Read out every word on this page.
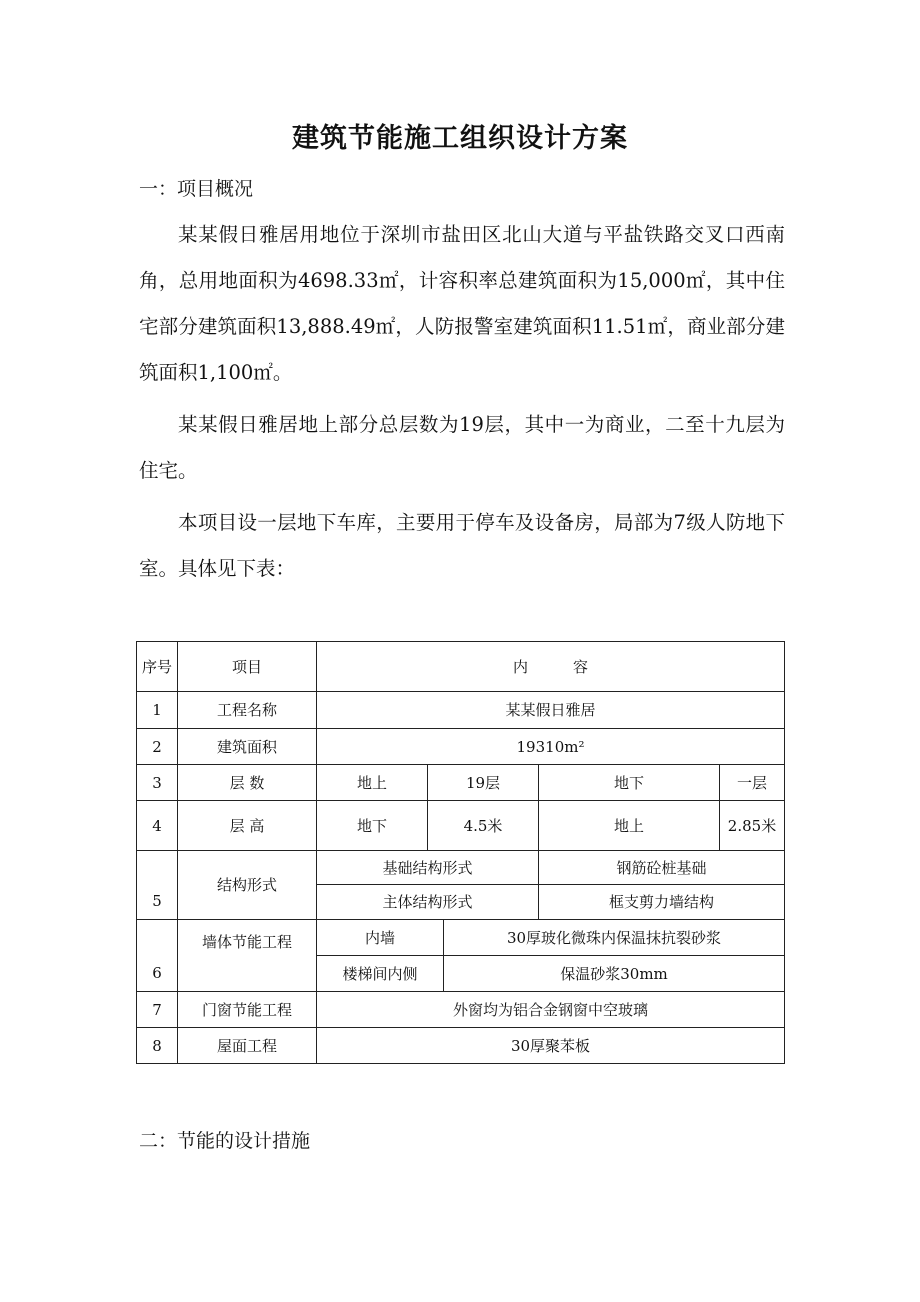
建筑节能施工组织设计方案
一：项目概况

某某假日雅居用地位于深圳市盐田区北山大道与平盐铁路交叉口西南角，总用地面积为4698.33㎡，计容积率总建筑面积为15,000㎡，其中住宅部分建筑面积13,888.49㎡，人防报警室建筑面积11.51㎡，商业部分建筑面积1,100㎡。

某某假日雅居地上部分总层数为19层，其中一为商业，二至十九层为住宅。

本项目设一层地下车库，主要用于停车及设备房，局部为7级人防地下室。具体见下表：

序号	项目	内　　　容				
1	工程名称	某某假日雅居				
2	建筑面积	19310m²				
3	层 数	地上	19层		地下	一层
4	层 高	地下	4.5米		地上	2.85米
5	结构形式	基础结构形式			钢筋砼桩基础	
		主体结构形式			框支剪力墙结构	
6	墙体节能工程	内墙		30厚玻化微珠内保温抹抗裂砂浆		
		楼梯间内侧		保温砂浆30mm		
7	门窗节能工程	外窗均为铝合金钢窗中空玻璃				
8	屋面工程	30厚聚苯板				
二：节能的设计措施
